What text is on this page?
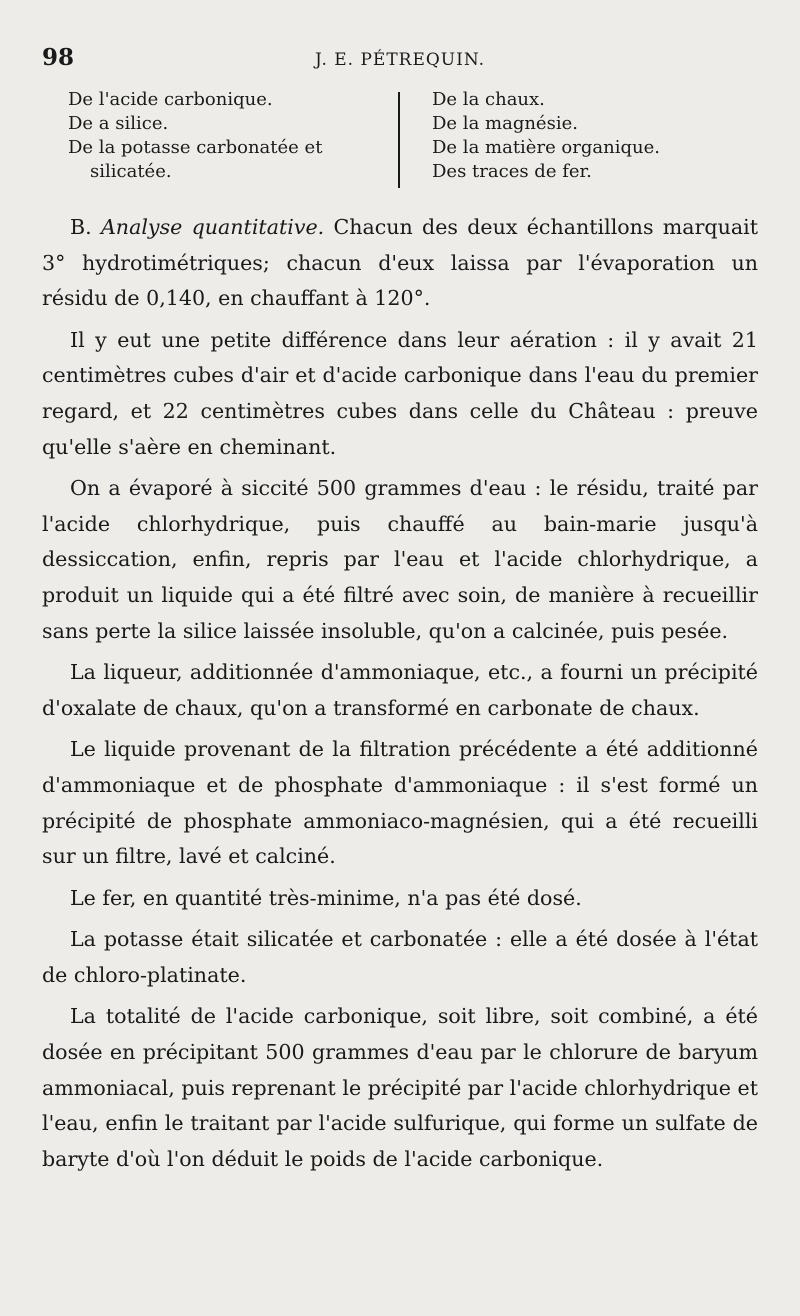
98	J. E. PÉTREQUIN.
De l'acide carbonique.
De a silice.
De la potasse carbonatée et silicatée.
De la chaux.
De la magnésie.
De la matière organique.
Des traces de fer.

B. Analyse quantitative. Chacun des deux échantillons marquait 3° hydrotimétriques; chacun d'eux laissa par l'évaporation un résidu de 0,140, en chauffant à 120°.

Il y eut une petite différence dans leur aération : il y avait 21 centimètres cubes d'air et d'acide carbonique dans l'eau du premier regard, et 22 centimètres cubes dans celle du Château : preuve qu'elle s'aère en cheminant.

On a évaporé à siccité 500 grammes d'eau : le résidu, traité par l'acide chlorhydrique, puis chauffé au bain-marie jusqu'à dessiccation, enfin, repris par l'eau et l'acide chlorhydrique, a produit un liquide qui a été filtré avec soin, de manière à recueillir sans perte la silice laissée insoluble, qu'on a calcinée, puis pesée.

La liqueur, additionnée d'ammoniaque, etc., a fourni un précipité d'oxalate de chaux, qu'on a transformé en carbonate de chaux.

Le liquide provenant de la filtration précédente a été additionné d'ammoniaque et de phosphate d'ammoniaque : il s'est formé un précipité de phosphate ammoniaco-magnésien, qui a été recueilli sur un filtre, lavé et calciné.

Le fer, en quantité très-minime, n'a pas été dosé.

La potasse était silicatée et carbonatée : elle a été dosée à l'état de chloro-platinate.

La totalité de l'acide carbonique, soit libre, soit combiné, a été dosée en précipitant 500 grammes d'eau par le chlorure de baryum ammoniacal, puis reprenant le précipité par l'acide chlorhydrique et l'eau, enfin le traitant par l'acide sulfurique, qui forme un sulfate de baryte d'où l'on déduit le poids de l'acide carbonique.
